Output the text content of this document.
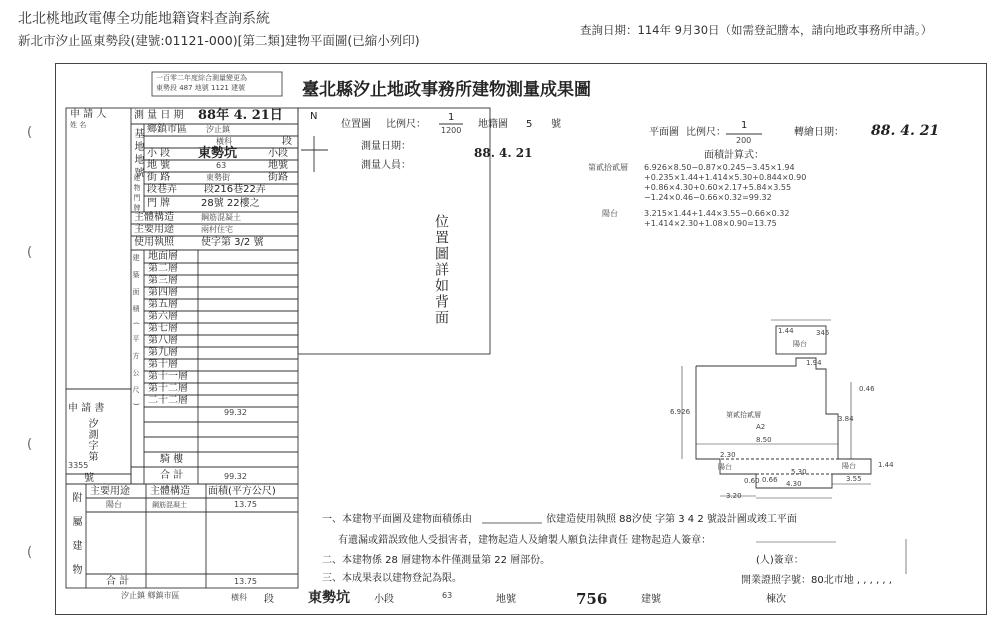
北北桃地政電傳全功能地籍資料查詢系統
新北市汐止區東勢段(建號:01121-000)[第二類]建物平面圖(已縮小列印)
查詢日期：114年 9月30日（如需登記謄本，請向地政事務所申請。）
(
(
(
(
一百零二年度綜合測量變更為
東勢段 487 地號 1121 建號	臺北縣汐止地政事務所建物測量成果圖
申 請 人
姓 名
測 量 日 期 88年 4. 21日
基地地號 鄉鎮市區 汐止鎮
橫科	段
小 段 東勢坑	小段
地 號	63	地號
建物門牌 街 路	東勢街	街路
段巷弄	段216巷22弄
門 牌	28號 22樓之
主體構造	鋼筋混凝土
主要用途	兩村住宅
使用執照	使字第 3/2 號
建築面積(平方公尺) 地面層
第二層
第三層
第四層
第五層
第六層
第七層
第八層
第九層
第十層
第十一層
第十二層
二十二層
99.32
申 請 書
汐測字第
3355
號
騎 樓
合 計	99.32
附屬建物
主要用途 主體構造 面積(平方公尺)
陽台	鋼筋混凝土	13.75
合 計	13.75
N
位置圖 比例尺：
1
1200
地籍圖 5 號
測量日期：	88. 4. 21
測量人員：
位置圖詳如背面
平面圖 比例尺：
1
200
轉繪日期： 88. 4. 21
面積計算式：
第貳拾貳層 6.926×8.50−0.87×0.245−3.45×1.94
+0.235×1.44+1.414×5.30+0.844×0.90
+0.86×4.30+0.60×2.17+5.84×3.55
−1.24×0.46−0.66×0.32=99.32
陽台	3.215×1.44+1.44×3.55−0.66×0.32
+1.414×2.30+1.08×0.90=13.75
第貳拾貳層
A2
陽台
陽台	陽台
1.44	345
1.94
0.46
6.926
3.84
8.50
2.30
5.30
4.30
3.55
3.20
1.44
0.66
0.60
一、本建物平面圖及建物面積係由	依建造使用執照 88汐使 字第 3 4 2 號設計圖或竣工平面
有遺漏或錯誤致他人受損害者，建物起造人及繪製人願負法律責任 建物起造人簽章：
二、本建物係 28 層建物本件僅測量第 22 層部份。	(人)簽章：
三、本成果表以建物登記為限。	開業證照字號：80北市地 , , , , , ,
汐止鎮 鄉鎮市區	橫科 段 東勢坑 小段	63	地號	756	建號	棟次
